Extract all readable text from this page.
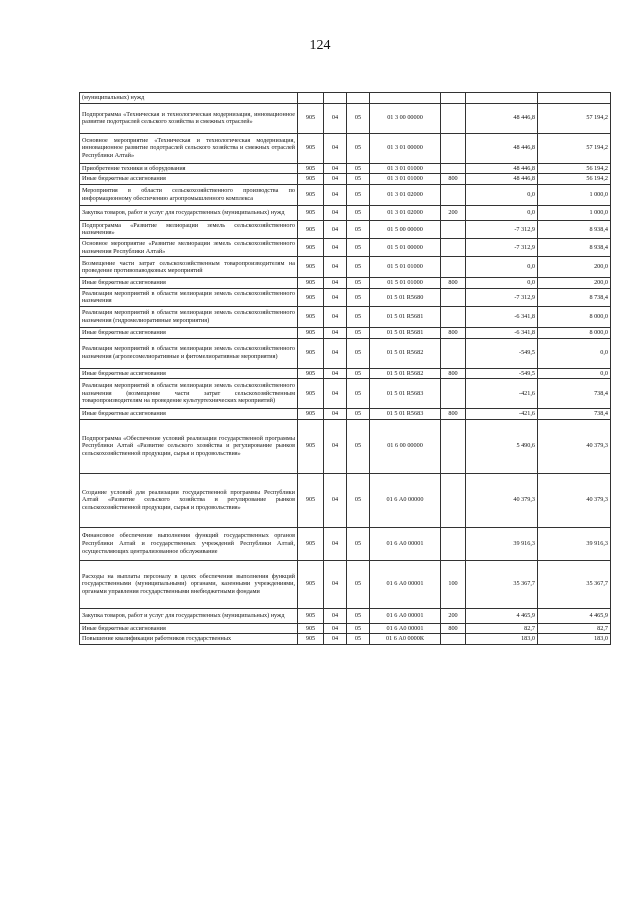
124
(муниципальных) нужд							
Подпрограмма «Техническая и технологическая модернизация, инновационное развитие подотраслей сельского хозяйства и смежных отраслей»	905	04	05	01 3 00 00000		48 446,8	57 194,2
Основное мероприятие «Техническая и технологическая модернизация, инновационное развитие подотраслей сельского хозяйства и смежных отраслей Республики Алтай»	905	04	05	01 3 01 00000		48 446,8	57 194,2
Приобретение техники и оборудования	905	04	05	01 3 01 01000		48 446,8	56 194,2
Иные бюджетные ассигнования	905	04	05	01 3 01 01000	800	48 446,8	56 194,2
Мероприятия в области сельскохозяйственного производства по информационному обеспечению агропромышленного комплекса	905	04	05	01 3 01 02000		0,0	1 000,0
Закупка товаров, работ и услуг для государственных (муниципальных) нужд	905	04	05	01 3 01 02000	200	0,0	1 000,0
Подпрограмма «Развитие мелиорации земель сельскохозяйственного назначения»	905	04	05	01 5 00 00000		-7 312,9	8 938,4
Основное мероприятие «Развитие мелиорации земель сельскохозяйственного назначения Республики Алтай»	905	04	05	01 5 01 00000		-7 312,9	8 938,4
Возмещение части затрат сельскохозяйственным товаропроизводителям на проведение противопаводковых мероприятий	905	04	05	01 5 01 01000		0,0	200,0
Иные бюджетные ассигнования	905	04	05	01 5 01 01000	800	0,0	200,0
Реализация мероприятий в области мелиорации земель сельскохозяйственного назначения	905	04	05	01 5 01 R5680		-7 312,9	8 738,4
Реализация мероприятий в области мелиорации земель сельскохозяйственного назначения (гидромелиоративные мероприятия)	905	04	05	01 5 01 R5681		-6 341,8	8 000,0
Иные бюджетные ассигнования	905	04	05	01 5 01 R5681	800	-6 341,8	8 000,0
Реализация мероприятий в области мелиорации земель сельскохозяйственного назначения (агролесомелиоративные и фитомелиоративные мероприятия)	905	04	05	01 5 01 R5682		-549,5	0,0
Иные бюджетные ассигнования	905	04	05	01 5 01 R5682	800	-549,5	0,0
Реализация мероприятий в области мелиорации земель сельскохозяйственного назначения (возмещение части затрат сельскохозяйственным товаропроизводителям на проведение культуртехнических мероприятий)	905	04	05	01 5 01 R5683		-421,6	738,4
Иные бюджетные ассигнования	905	04	05	01 5 01 R5683	800	-421,6	738,4
Подпрограмма «Обеспечение условий реализации государственной программы Республики Алтай «Развитие сельского хозяйства и регулирование рынков сельскохозяйственной продукции, сырья и продовольствия»	905	04	05	01 6 00 00000		5 490,6	40 379,3
Создание условий для реализации государственной программы Республики Алтай «Развитие сельского хозяйства и регулирование рынков сельскохозяйственной продукции, сырья и продовольствия»	905	04	05	01 6 А0 00000		40 379,3	40 379,3
Финансовое обеспечение выполнения функций государственных органов Республики Алтай и государственных учреждений Республики Алтай, осуществляющих централизованное обслуживание	905	04	05	01 6 А0 00001		39 916,3	39 916,3
Расходы на выплаты персоналу в целях обеспечения выполнения функций государственными (муниципальными) органами, казенными учреждениями, органами управления государственными внебюджетными фондами	905	04	05	01 6 А0 00001	100	35 367,7	35 367,7
Закупка товаров, работ и услуг для государственных (муниципальных) нужд	905	04	05	01 6 А0 00001	200	4 465,9	4 465,9
Иные бюджетные ассигнования	905	04	05	01 6 А0 00001	800	82,7	82,7
Повышение квалификации работников государственных	905	04	05	01 6 А0 0000К		183,0	183,0
